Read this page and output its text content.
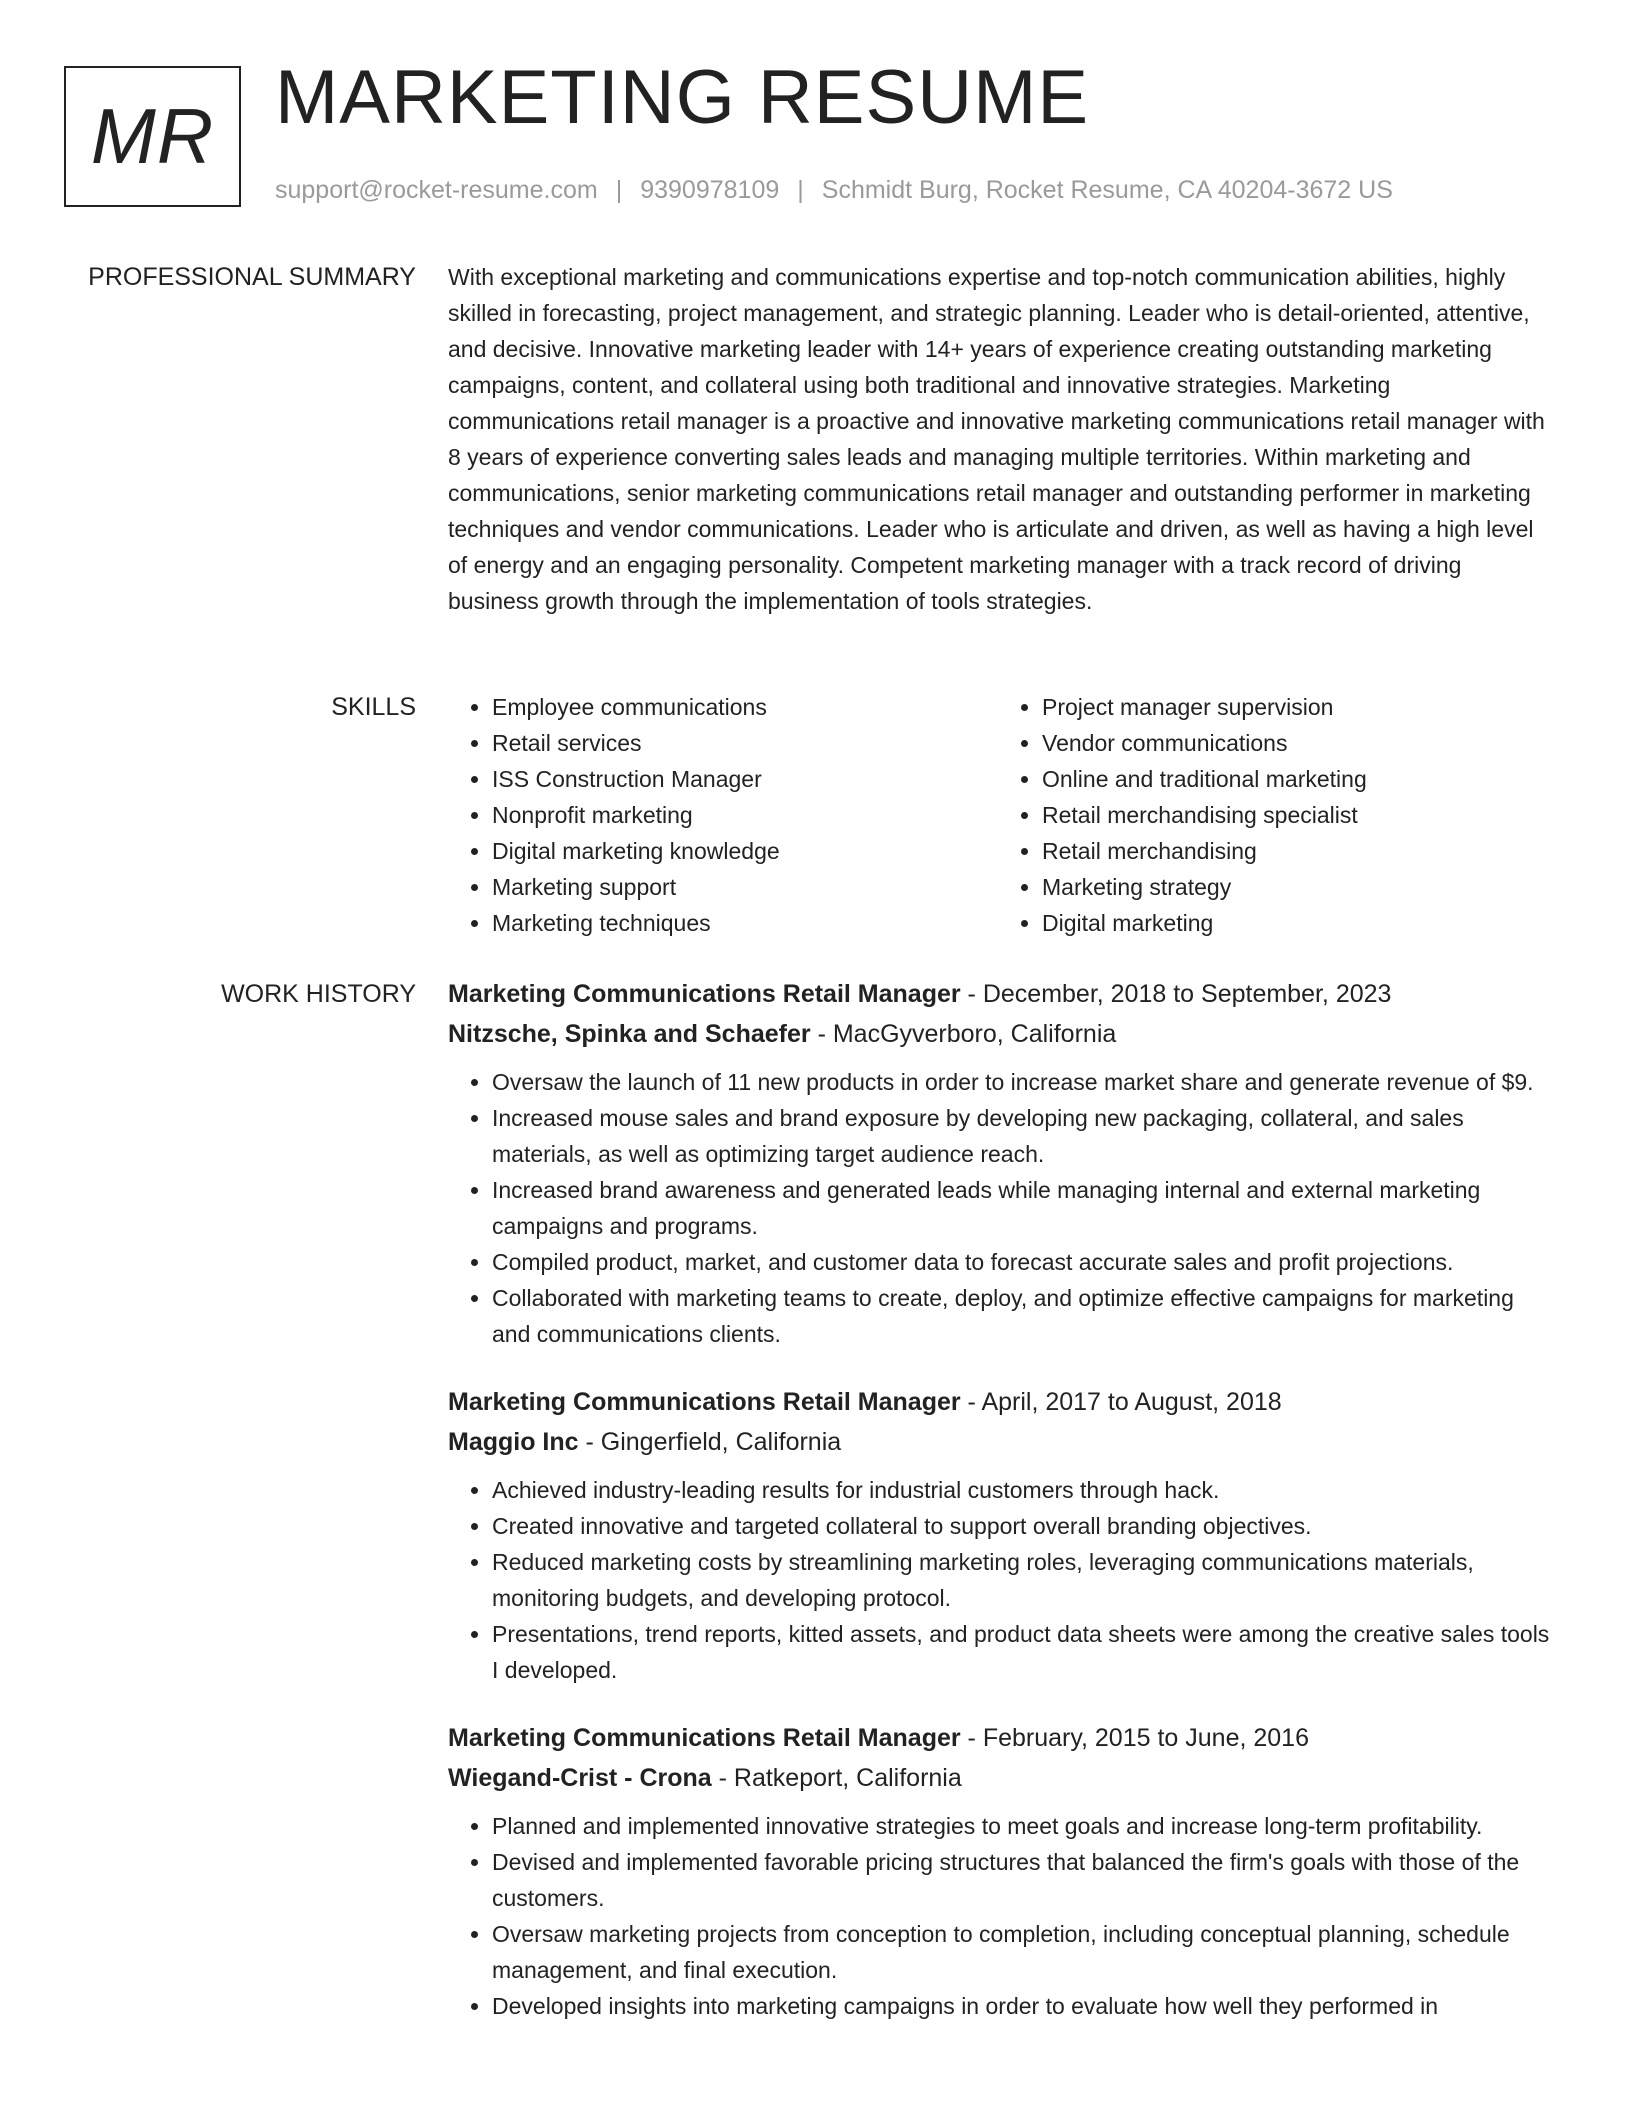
MR MARKETING RESUME
support@rocket-resume.com | 9390978109 | Schmidt Burg, Rocket Resume, CA 40204-3672 US
PROFESSIONAL SUMMARY With exceptional marketing and communications expertise and top-notch communication abilities, highly skilled in forecasting, project management, and strategic planning. Leader who is detail-oriented, attentive, and decisive. Innovative marketing leader with 14+ years of experience creating outstanding marketing campaigns, content, and collateral using both traditional and innovative strategies. Marketing communications retail manager is a proactive and innovative marketing communications retail manager with 8 years of experience converting sales leads and managing multiple territories. Within marketing and communications, senior marketing communications retail manager and outstanding performer in marketing techniques and vendor communications. Leader who is articulate and driven, as well as having a high level of energy and an engaging personality. Competent marketing manager with a track record of driving business growth through the implementation of tools strategies.

SKILLS
•	Employee communications
• Retail services
• ISS Construction Manager
• Nonprofit marketing
• Digital marketing knowledge
• Marketing support
• Marketing techniques
• Project manager supervision
• Vendor communications
• Online and traditional marketing
• Retail merchandising specialist
• Retail merchandising
• Marketing strategy
• Digital marketing
WORK HISTORY Marketing Communications Retail Manager - December, 2018 to September, 2023
Nitzsche, Spinka and Schaefer - MacGyverboro, California
• Oversaw the launch of 11 new products in order to increase market share and generate revenue of $9.
• Increased mouse sales and brand exposure by developing new packaging, collateral, and sales materials, as well as optimizing target audience reach.
• Increased brand awareness and generated leads while managing internal and external marketing campaigns and programs.
• Compiled product, market, and customer data to forecast accurate sales and profit projections.
• Collaborated with marketing teams to create, deploy, and optimize effective campaigns for marketing and communications clients.
Marketing Communications Retail Manager - April, 2017 to August, 2018
Maggio Inc - Gingerfield, California
• Achieved industry-leading results for industrial customers through hack.
• Created innovative and targeted collateral to support overall branding objectives.
• Reduced marketing costs by streamlining marketing roles, leveraging communications materials, monitoring budgets, and developing protocol.
• Presentations, trend reports, kitted assets, and product data sheets were among the creative sales tools I developed.
Marketing Communications Retail Manager - February, 2015 to June, 2016
Wiegand-Crist - Crona - Ratkeport, California
• Planned and implemented innovative strategies to meet goals and increase long-term profitability.
• Devised and implemented favorable pricing structures that balanced the firm's goals with those of the customers.
• Oversaw marketing projects from conception to completion, including conceptual planning, schedule management, and final execution.
• Developed insights into marketing campaigns in order to evaluate how well they performed in
